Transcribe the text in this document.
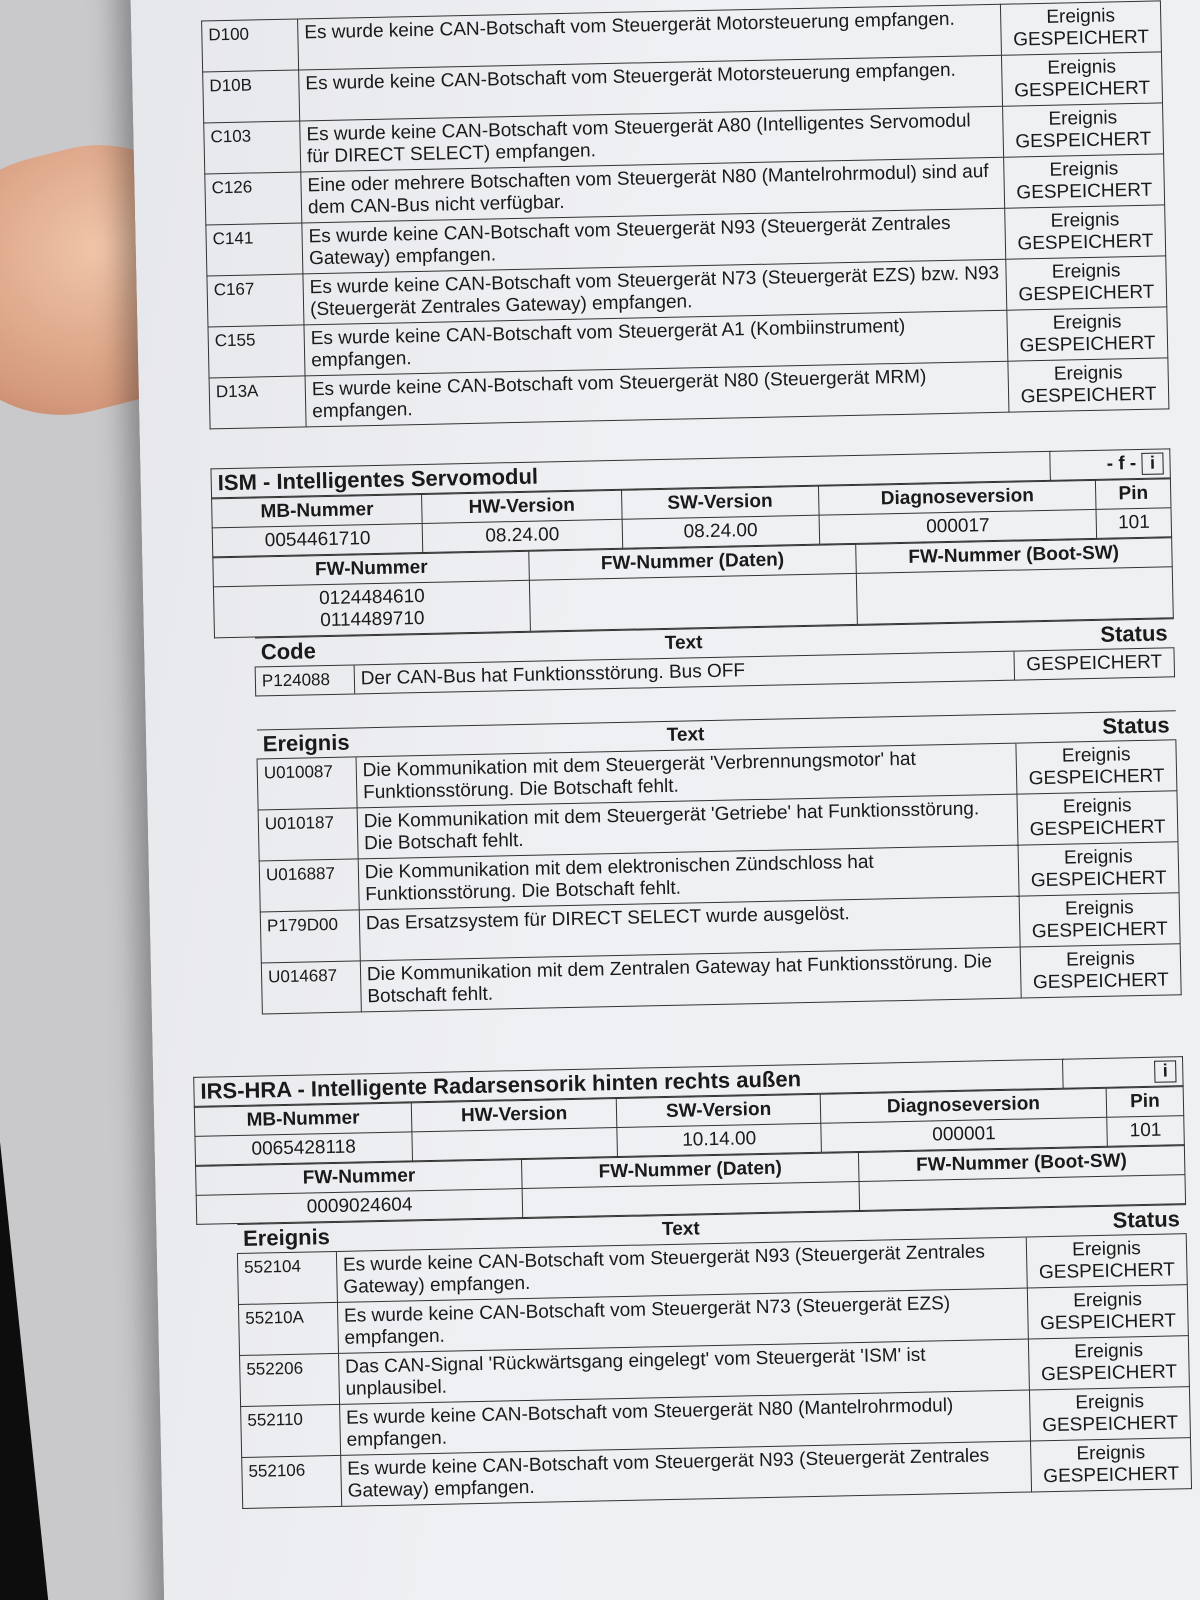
D100	Es wurde keine CAN-Botschaft vom Steuergerät Motorsteuerung empfangen.	Ereignis
GESPEICHERT

D10B	Es wurde keine CAN-Botschaft vom Steuergerät Motorsteuerung empfangen.	Ereignis
GESPEICHERT

C103	Es wurde keine CAN-Botschaft vom Steuergerät A80 (Intelligentes Servomodul für DIRECT SELECT) empfangen.	Ereignis
GESPEICHERT

C126	Eine oder mehrere Botschaften vom Steuergerät N80 (Mantelrohrmodul) sind auf dem CAN-Bus nicht verfügbar.	Ereignis
GESPEICHERT

C141	Es wurde keine CAN-Botschaft vom Steuergerät N93 (Steuergerät Zentrales Gateway) empfangen.	Ereignis
GESPEICHERT

C167	Es wurde keine CAN-Botschaft vom Steuergerät N73 (Steuergerät EZS) bzw. N93 (Steuergerät Zentrales Gateway) empfangen.	Ereignis
GESPEICHERT

C155	Es wurde keine CAN-Botschaft vom Steuergerät A1 (Kombiinstrument) empfangen.	Ereignis
GESPEICHERT

D13A	Es wurde keine CAN-Botschaft vom Steuergerät N80 (Steuergerät MRM) empfangen.	Ereignis
GESPEICHERT
ISM - Intelligentes Servomodul	- f - i
MB-Nummer	HW-Version	SW-Version	Diagnoseversion	Pin
0054461710	08.24.00	08.24.00	000017	101
FW-Nummer	FW-Nummer (Daten)	FW-Nummer (Boot-SW)
0124484610
0114489710		
Code	Text	Status
P124088	Der CAN-Bus hat Funktionsstörung. Bus OFF	GESPEICHERT

Ereignis	Text	Status
U010087	Die Kommunikation mit dem Steuergerät 'Verbrennungsmotor' hat Funktionsstörung. Die Botschaft fehlt.	Ereignis
GESPEICHERT

U010187	Die Kommunikation mit dem Steuergerät 'Getriebe' hat Funktionsstörung. Die Botschaft fehlt.	Ereignis
GESPEICHERT

U016887	Die Kommunikation mit dem elektronischen Zündschloss hat Funktionsstörung. Die Botschaft fehlt.	Ereignis
GESPEICHERT

P179D00	Das Ersatzsystem für DIRECT SELECT wurde ausgelöst.	Ereignis
GESPEICHERT

U014687	Die Kommunikation mit dem Zentralen Gateway hat Funktionsstörung. Die Botschaft fehlt.	Ereignis
GESPEICHERT
IRS-HRA - Intelligente Radarsensorik hinten rechts außen	i
MB-Nummer	HW-Version	SW-Version	Diagnoseversion	Pin
0065428118		10.14.00	000001	101
FW-Nummer	FW-Nummer (Daten)	FW-Nummer (Boot-SW)
0009024604		
Ereignis	Text	Status
552104	Es wurde keine CAN-Botschaft vom Steuergerät N93 (Steuergerät Zentrales Gateway) empfangen.	Ereignis
GESPEICHERT

55210A	Es wurde keine CAN-Botschaft vom Steuergerät N73 (Steuergerät EZS) empfangen.	Ereignis
GESPEICHERT

552206	Das CAN-Signal 'Rückwärtsgang eingelegt' vom Steuergerät 'ISM' ist unplausibel.	Ereignis
GESPEICHERT

552110	Es wurde keine CAN-Botschaft vom Steuergerät N80 (Mantelrohrmodul) empfangen.	Ereignis
GESPEICHERT

552106	Es wurde keine CAN-Botschaft vom Steuergerät N93 (Steuergerät Zentrales Gateway) empfangen.	Ereignis
GESPEICHERT
